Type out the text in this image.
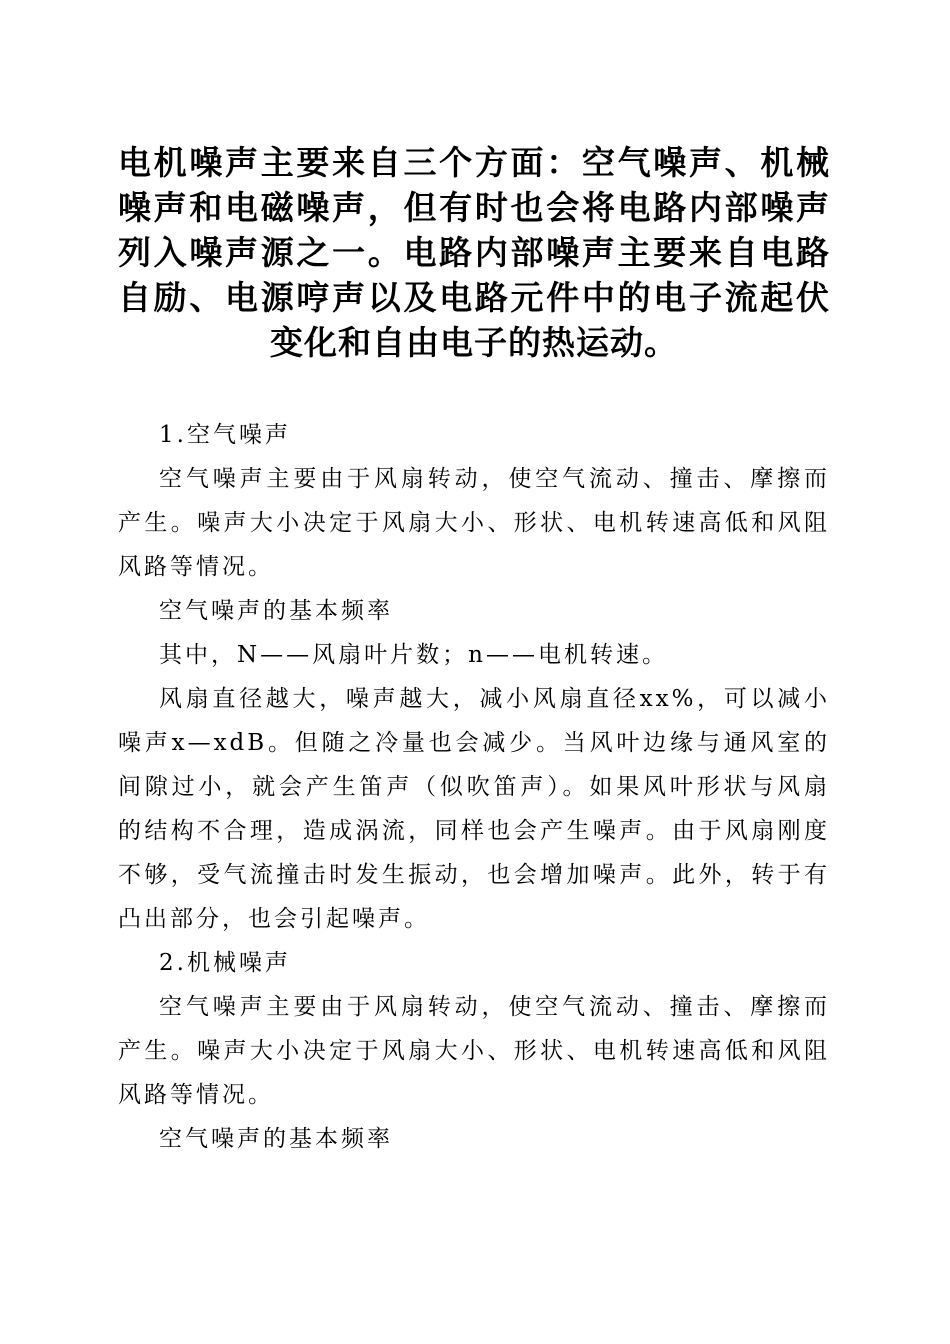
电机噪声主要来自三个方面：空气噪声、机械噪声和电磁噪声，但有时也会将电路内部噪声列入噪声源之一。电路内部噪声主要来自电路自励、电源哼声以及电路元件中的电子流起伏变化和自由电子的热运动。

1.空气噪声

空气噪声主要由于风扇转动，使空气流动、撞击、摩擦而产生。噪声大小决定于风扇大小、形状、电机转速高低和风阻风路等情况。

空气噪声的基本频率

其中，N——风扇叶片数；n——电机转速。

风扇直径越大，噪声越大，减小风扇直径xx%，可以减小噪声x—xdB。但随之冷量也会减少。当风叶边缘与通风室的间隙过小，就会产生笛声（似吹笛声）。如果风叶形状与风扇的结构不合理，造成涡流，同样也会产生噪声。由于风扇刚度不够，受气流撞击时发生振动，也会增加噪声。此外，转于有凸出部分，也会引起噪声。

2.机械噪声

空气噪声主要由于风扇转动，使空气流动、撞击、摩擦而产生。噪声大小决定于风扇大小、形状、电机转速高低和风阻风路等情况。

空气噪声的基本频率
